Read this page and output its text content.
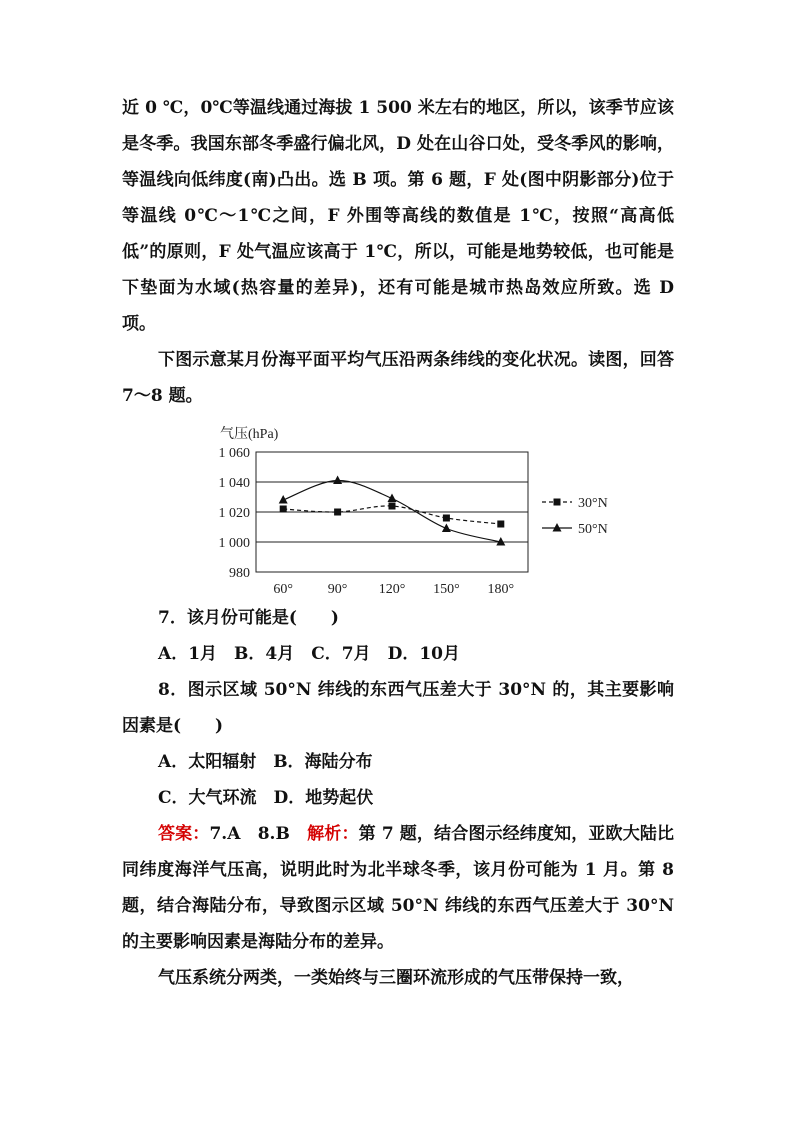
近 0 ℃，0℃等温线通过海拔 1 500 米左右的地区，所以，该季节应该是冬季。我国东部冬季盛行偏北风，D 处在山谷口处，受冬季风的影响，等温线向低纬度(南)凸出。选 B 项。第 6 题，F 处(图中阴影部分)位于等温线 0℃～1℃之间，F 外围等高线的数值是 1℃，按照“高高低低”的原则，F 处气温应该高于 1℃，所以，可能是地势较低，也可能是下垫面为水域(热容量的差异)，还有可能是城市热岛效应所致。选 D 项。

下图示意某月份海平面平均气压沿两条纬线的变化状况。读图，回答 7～8 题。

1 060
1 040
1 020
1 000
980
60° 90° 120° 150° 180°
气压(hPa)
30°N
50°N

7．该月份可能是(　　)

A．1月　B．4月　C．7月　D．10月

8．图示区域 50°N 纬线的东西气压差大于 30°N 的，其主要影响因素是(　　)

A．太阳辐射　B．海陆分布

C．大气环流　D．地势起伏

答案：7.A　8.B　解析：第 7 题，结合图示经纬度知，亚欧大陆比同纬度海洋气压高，说明此时为北半球冬季，该月份可能为 1 月。第 8 题，结合海陆分布，导致图示区域 50°N 纬线的东西气压差大于 30°N 的主要影响因素是海陆分布的差异。

气压系统分两类，一类始终与三圈环流形成的气压带保持一致，
